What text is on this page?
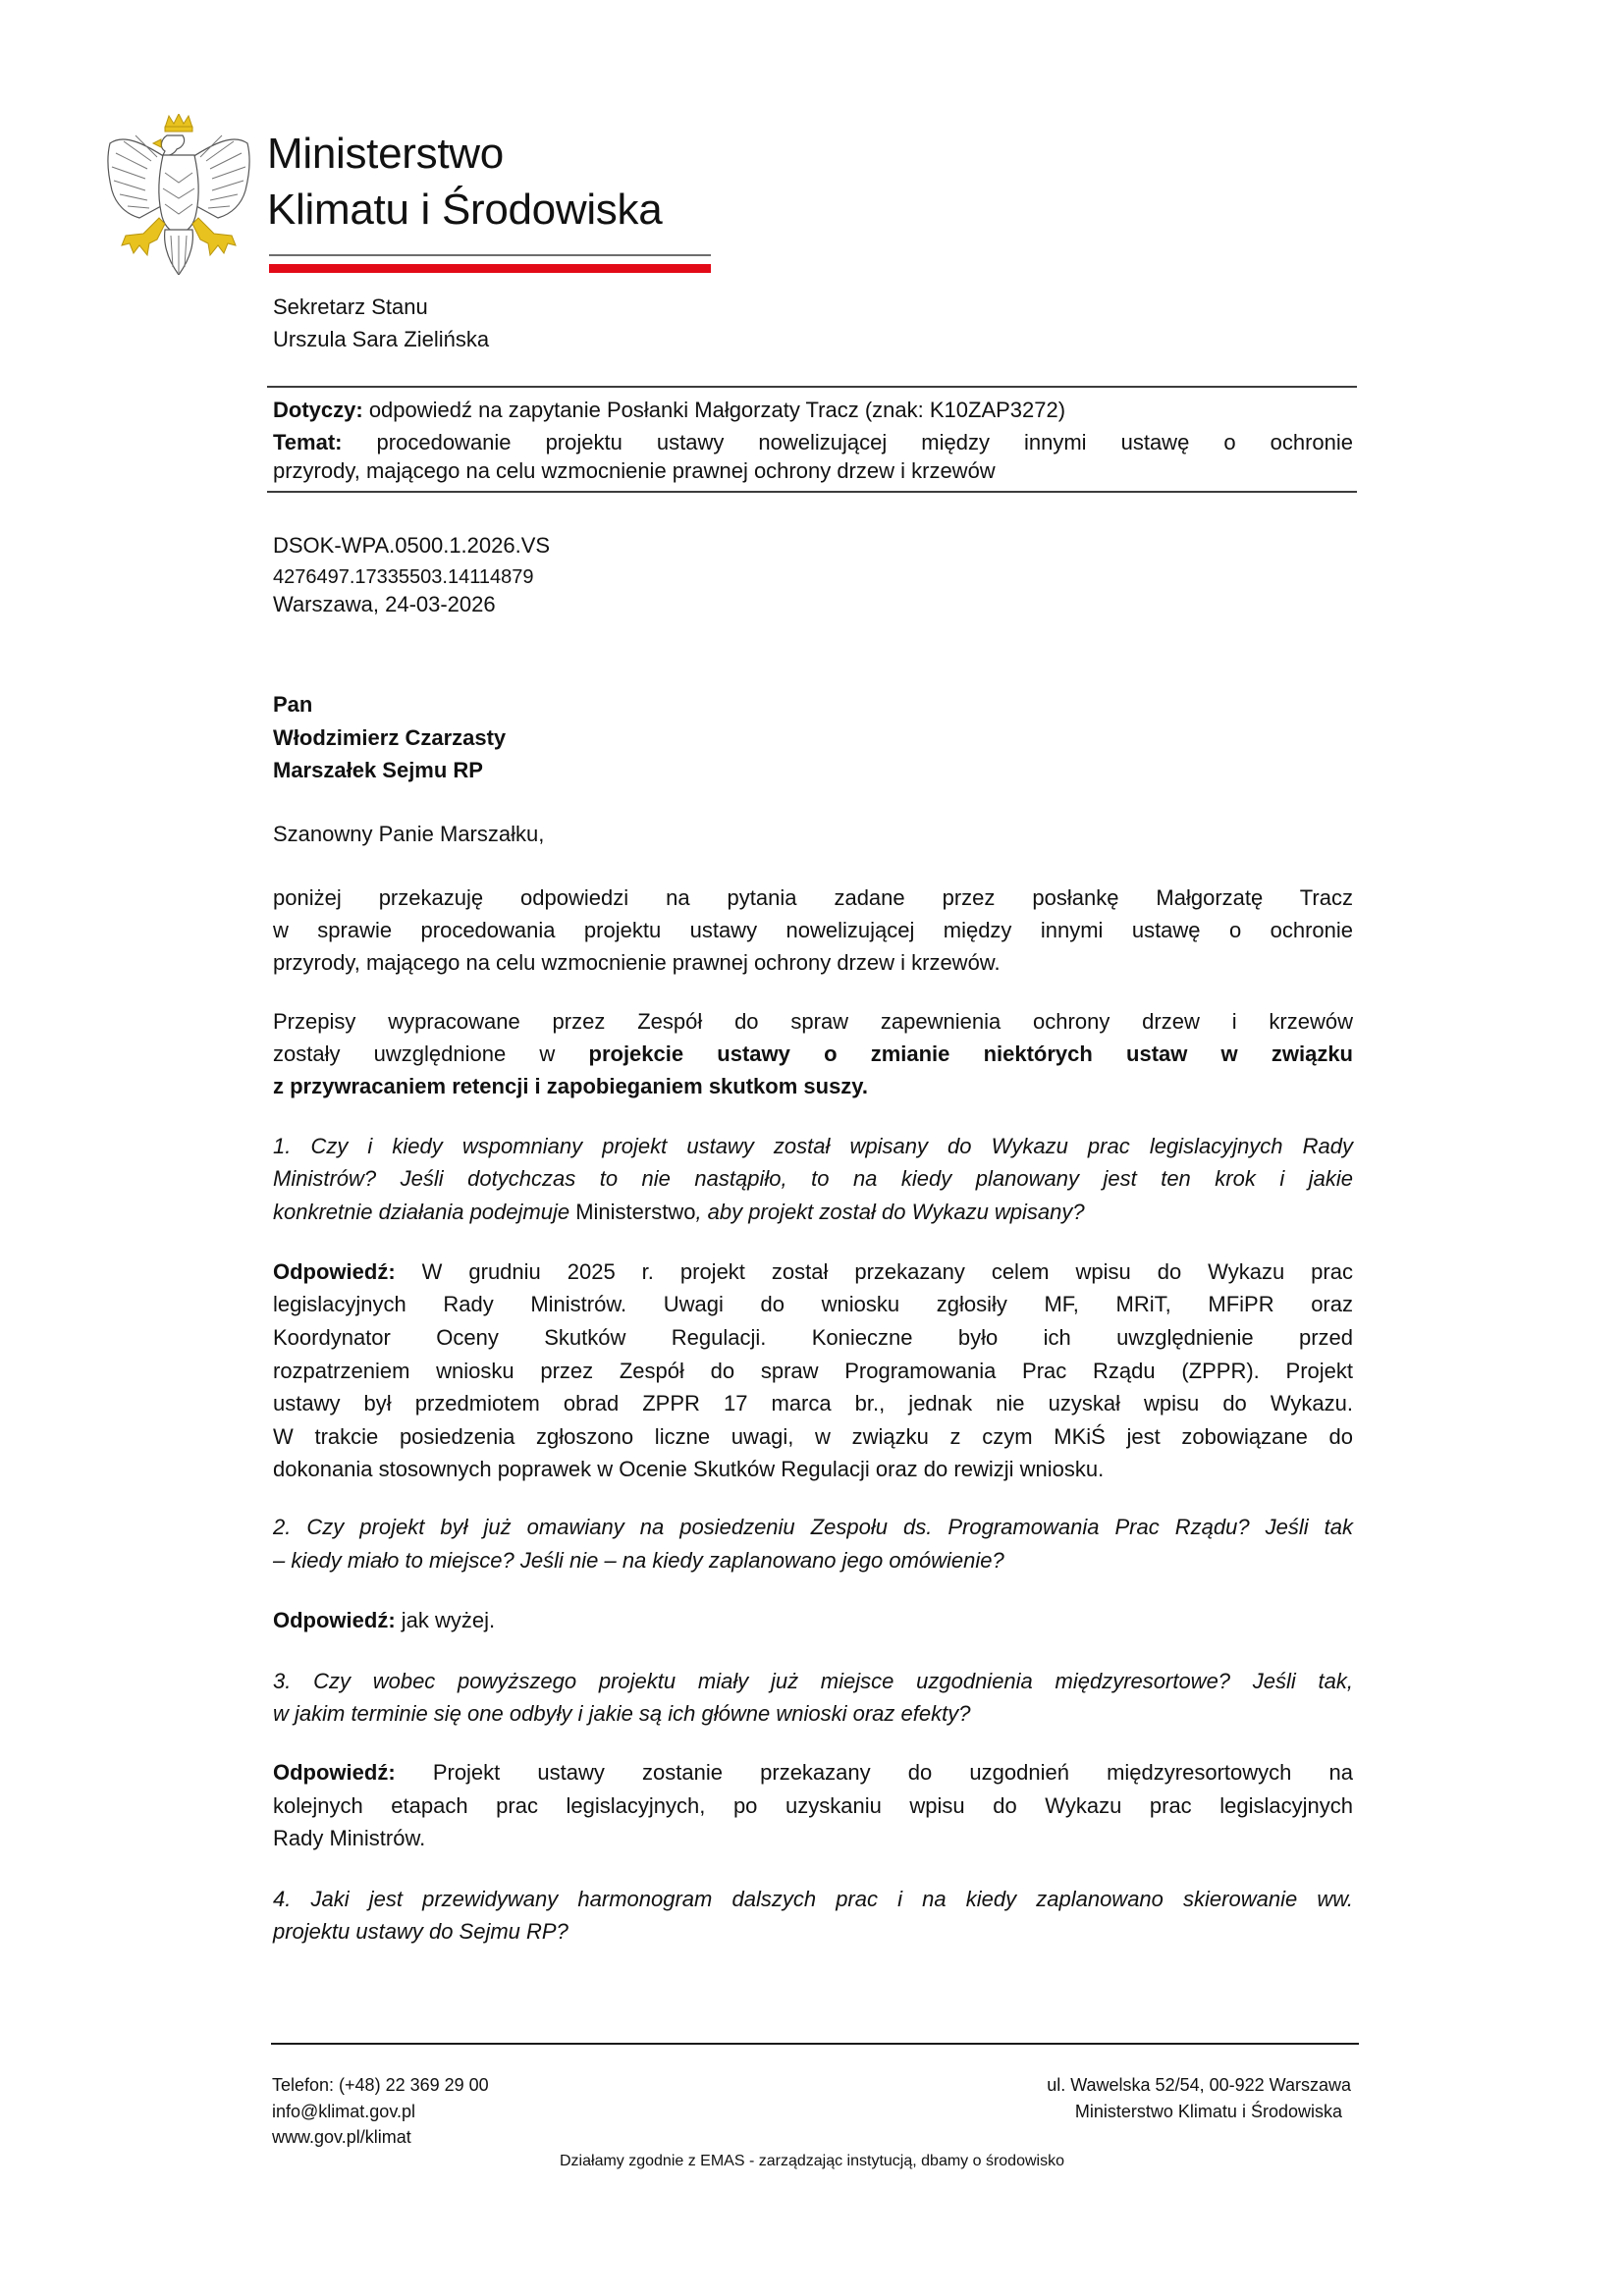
Ministerstwo
Klimatu i Środowiska
Sekretarz Stanu
Urszula Sara Zielińska
Dotyczy: odpowiedź na zapytanie Posłanki Małgorzaty Tracz (znak: K10ZAP3272)
Temat: procedowanie projektu ustawy nowelizującej między innymi ustawę o ochronie
przyrody, mającego na celu wzmocnienie prawnej ochrony drzew i krzewów
DSOK-WPA.0500.1.2026.VS
4276497.17335503.14114879
Warszawa, 24-03-2026
Pan
Włodzimierz Czarzasty
Marszałek Sejmu RP
Szanowny Panie Marszałku,
poniżej przekazuję odpowiedzi na pytania zadane przez posłankę Małgorzatę Tracz
w sprawie procedowania projektu ustawy nowelizującej między innymi ustawę o ochronie
przyrody, mającego na celu wzmocnienie prawnej ochrony drzew i krzewów.
Przepisy wypracowane przez Zespół do spraw zapewnienia ochrony drzew i krzewów
zostały uwzględnione w projekcie ustawy o zmianie niektórych ustaw w związku
z przywracaniem retencji i zapobieganiem skutkom suszy.
1. Czy i kiedy wspomniany projekt ustawy został wpisany do Wykazu prac legislacyjnych Rady
Ministrów? Jeśli dotychczas to nie nastąpiło, to na kiedy planowany jest ten krok i jakie
konkretnie działania podejmuje Ministerstwo, aby projekt został do Wykazu wpisany?
Odpowiedź: W grudniu 2025 r. projekt został przekazany celem wpisu do Wykazu prac
legislacyjnych Rady Ministrów. Uwagi do wniosku zgłosiły MF, MRiT, MFiPR oraz
Koordynator Oceny Skutków Regulacji. Konieczne było ich uwzględnienie przed
rozpatrzeniem wniosku przez Zespół do spraw Programowania Prac Rządu (ZPPR). Projekt
ustawy był przedmiotem obrad ZPPR 17 marca br., jednak nie uzyskał wpisu do Wykazu.
W trakcie posiedzenia zgłoszono liczne uwagi, w związku z czym MKiŚ jest zobowiązane do
dokonania stosownych poprawek w Ocenie Skutków Regulacji oraz do rewizji wniosku.
2. Czy projekt był już omawiany na posiedzeniu Zespołu ds. Programowania Prac Rządu? Jeśli tak
– kiedy miało to miejsce? Jeśli nie – na kiedy zaplanowano jego omówienie?
Odpowiedź: jak wyżej.
3. Czy wobec powyższego projektu miały już miejsce uzgodnienia międzyresortowe? Jeśli tak,
w jakim terminie się one odbyły i jakie są ich główne wnioski oraz efekty?
Odpowiedź: Projekt ustawy zostanie przekazany do uzgodnień międzyresortowych na
kolejnych etapach prac legislacyjnych, po uzyskaniu wpisu do Wykazu prac legislacyjnych
Rady Ministrów.
4. Jaki jest przewidywany harmonogram dalszych prac i na kiedy zaplanowano skierowanie ww.
projektu ustawy do Sejmu RP?
Telefon: (+48) 22 369 29 00
info@klimat.gov.pl
www.gov.pl/klimat
ul. Wawelska 52/54, 00-922 Warszawa
Ministerstwo Klimatu i Środowiska
Działamy zgodnie z EMAS - zarządzając instytucją, dbamy o środowisko
